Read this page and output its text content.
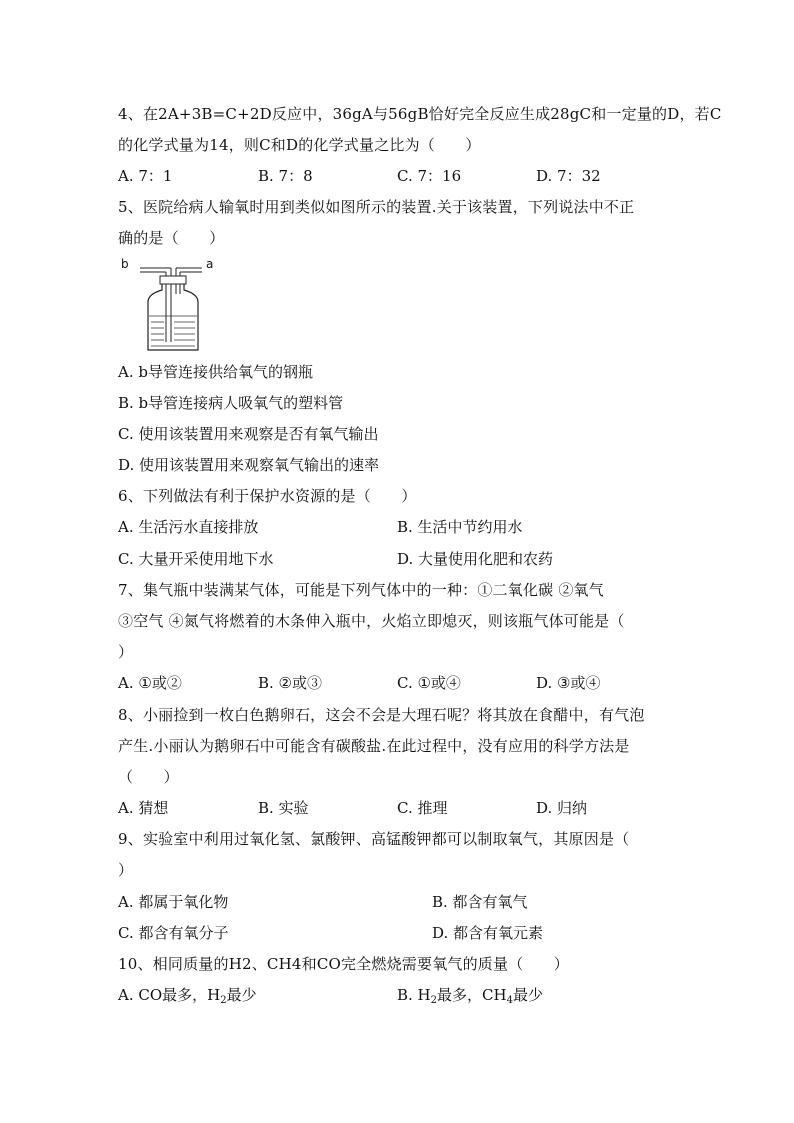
4、在2A+3B=C+2D反应中，36gA与56gB恰好完全反应生成28gC和一定量的D，若C
的化学式量为14，则C和D的化学式量之比为（　　）
A. 7：1	B. 7：8	C. 7：16	D. 7：32
5、医院给病人输氧时用到类似如图所示的装置.关于该装置，下列说法中不正
确的是（　　）
b	a
A. b导管连接供给氧气的钢瓶
B. b导管连接病人吸氧气的塑料管
C. 使用该装置用来观察是否有氧气输出
D. 使用该装置用来观察氧气输出的速率
6、下列做法有利于保护水资源的是（　　）
A. 生活污水直接排放	B. 生活中节约用水
C. 大量开采使用地下水	D. 大量使用化肥和农药
7、集气瓶中装满某气体，可能是下列气体中的一种：①二氧化碳 ②氧气
③空气 ④氮气将燃着的木条伸入瓶中，火焰立即熄灭，则该瓶气体可能是（
）
A. ①或②	B. ②或③	C. ①或④	D. ③或④
8、小丽捡到一枚白色鹅卵石，这会不会是大理石呢？将其放在食醋中，有气泡
产生.小丽认为鹅卵石中可能含有碳酸盐.在此过程中，没有应用的科学方法是
（　　）
A. 猜想	B. 实验	C. 推理	D. 归纳
9、实验室中利用过氧化氢、氯酸钾、高锰酸钾都可以制取氧气，其原因是（
）
A. 都属于氧化物	B. 都含有氧气
C. 都含有氧分子	D. 都含有氧元素
10、相同质量的H2、CH4和CO完全燃烧需要氧气的质量（　　）
A. CO最多，$H_2$最少	B. $H_2$最多，$CH_4$最少
